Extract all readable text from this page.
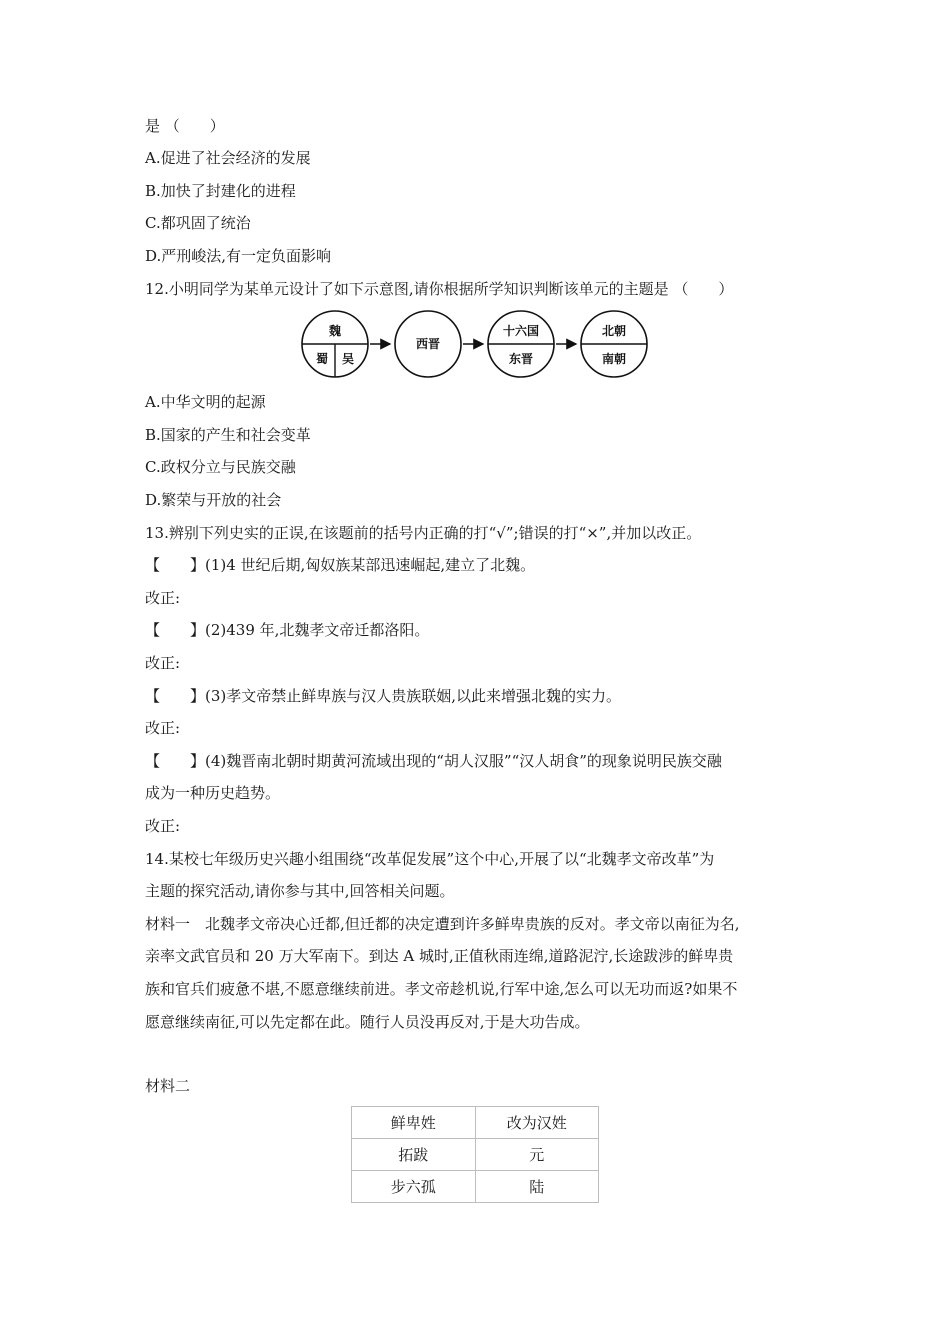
是 （　　）
A.促进了社会经济的发展
B.加快了封建化的进程
C.都巩固了统治
D.严刑峻法,有一定负面影响
12.小明同学为某单元设计了如下示意图,请你根据所学知识判断该单元的主题是 （　　）
魏
蜀 吴
西晋
十六国
东晋
北朝
南朝
A.中华文明的起源
B.国家的产生和社会变革
C.政权分立与民族交融
D.繁荣与开放的社会
13.辨别下列史实的正误,在该题前的括号内正确的打“√”;错误的打“×”,并加以改正。
【　　】(1)4 世纪后期,匈奴族某部迅速崛起,建立了北魏。
改正:
【　　】(2)439 年,北魏孝文帝迁都洛阳。
改正:
【　　】(3)孝文帝禁止鲜卑族与汉人贵族联姻,以此来增强北魏的实力。
改正:
【　　】(4)魏晋南北朝时期黄河流域出现的“胡人汉服”“汉人胡食”的现象说明民族交融
成为一种历史趋势。
改正:
14.某校七年级历史兴趣小组围绕“改革促发展”这个中心,开展了以“北魏孝文帝改革”为
主题的探究活动,请你参与其中,回答相关问题。
材料一　北魏孝文帝决心迁都,但迁都的决定遭到许多鲜卑贵族的反对。孝文帝以南征为名,
亲率文武官员和 20 万大军南下。到达 A 城时,正值秋雨连绵,道路泥泞,长途跋涉的鲜卑贵
族和官兵们疲惫不堪,不愿意继续前进。孝文帝趁机说,行军中途,怎么可以无功而返?如果不
愿意继续南征,可以先定都在此。随行人员没再反对,于是大功告成。
材料二
鲜卑姓	改为汉姓
拓跋	元
步六孤	陆
